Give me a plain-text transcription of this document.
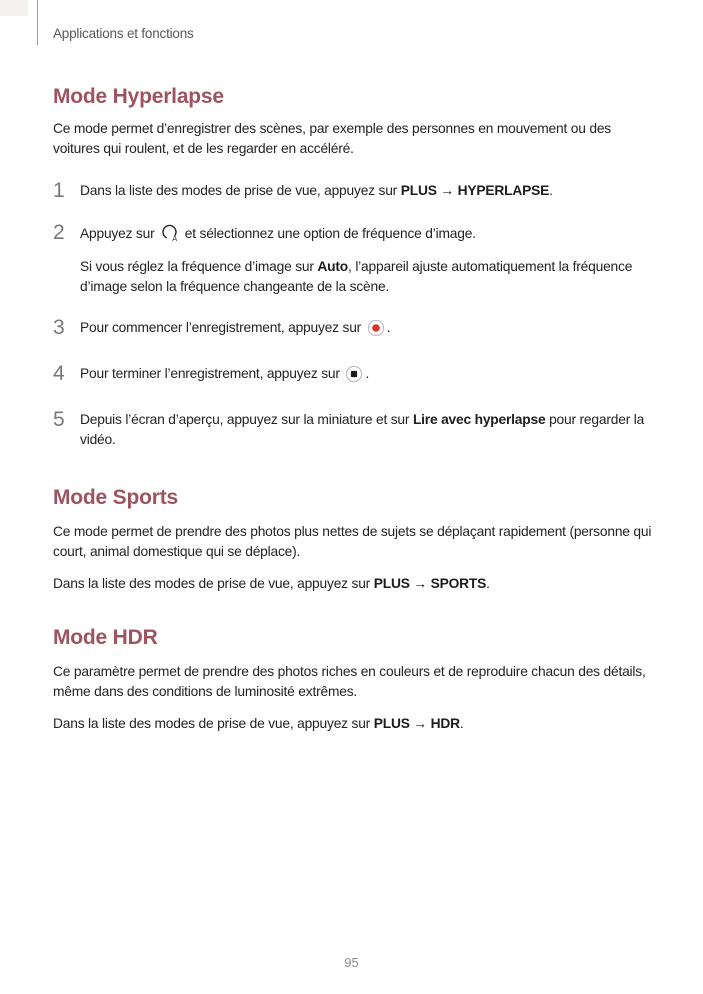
Applications et fonctions
Mode Hyperlapse

Ce mode permet d’enregistrer des scènes, par exemple des personnes en mouvement ou des voitures qui roulent, et de les regarder en accéléré.

1	Dans la liste des modes de prise de vue, appuyez sur PLUS → HYPERLAPSE.
2	Appuyez sur A et sélectionnez une option de fréquence d’image.

Si vous réglez la fréquence d’image sur Auto, l’appareil ajuste automatiquement la fréquence d’image selon la fréquence changeante de la scène.

3	Pour commencer l’enregistrement, appuyez sur .
4	Pour terminer l’enregistrement, appuyez sur .
5	Depuis l’écran d’aperçu, appuyez sur la miniature et sur Lire avec hyperlapse pour regarder la vidéo.
Mode Sports

Ce mode permet de prendre des photos plus nettes de sujets se déplaçant rapidement (personne qui court, animal domestique qui se déplace).

Dans la liste des modes de prise de vue, appuyez sur PLUS → SPORTS.

Mode HDR

Ce paramètre permet de prendre des photos riches en couleurs et de reproduire chacun des détails, même dans des conditions de luminosité extrêmes.

Dans la liste des modes de prise de vue, appuyez sur PLUS → HDR.

95
